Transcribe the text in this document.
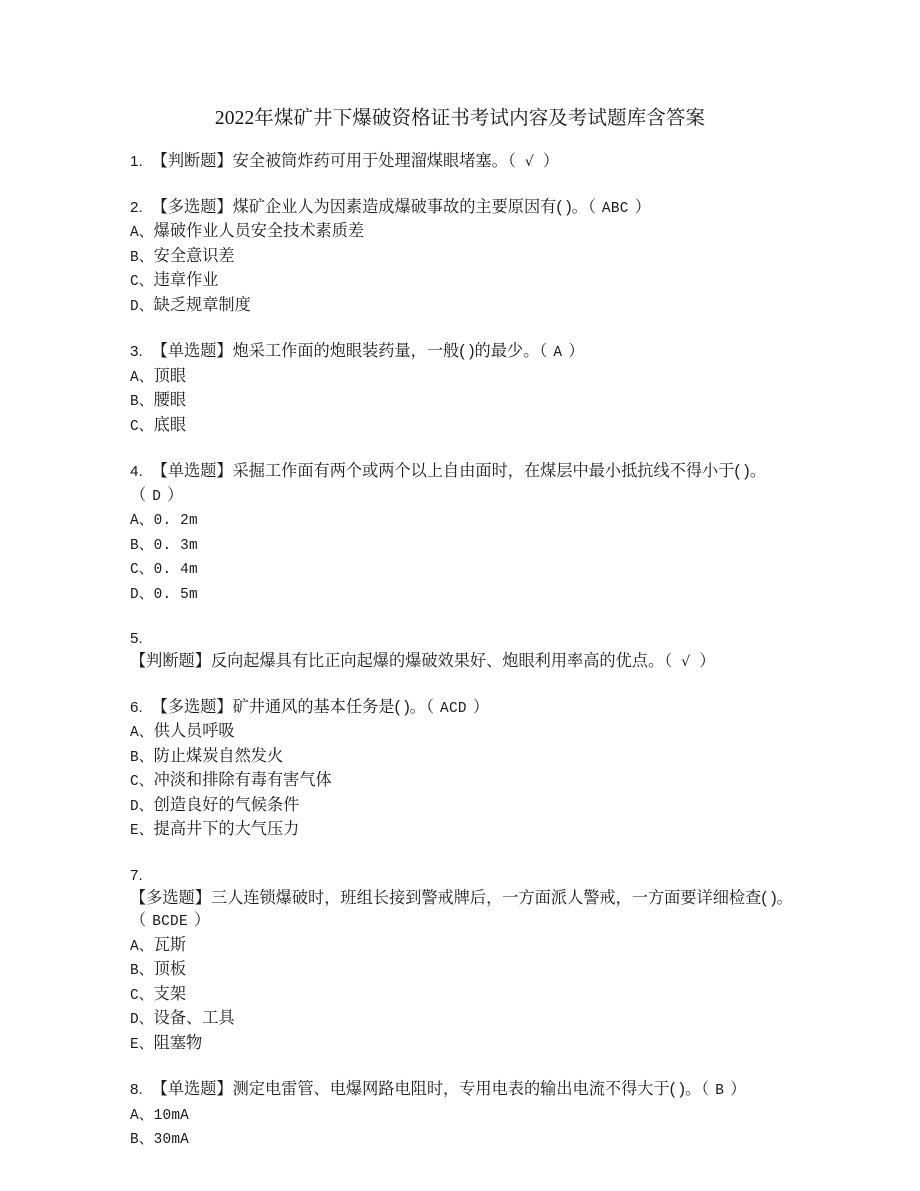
2022年煤矿井下爆破资格证书考试内容及考试题库含答案
1. 【判断题】安全被筒炸药可用于处理溜煤眼堵塞。（ √ ）
2. 【多选题】煤矿企业人为因素造成爆破事故的主要原因有( )。（ ABC ）
A、爆破作业人员安全技术素质差
B、安全意识差
C、违章作业
D、缺乏规章制度
3. 【单选题】炮采工作面的炮眼装药量，一般( )的最少。（ A ）
A、顶眼
B、腰眼
C、底眼
4. 【单选题】采掘工作面有两个或两个以上自由面时，在煤层中最小抵抗线不得小于( )。（ D ）
A、0. 2m
B、0. 3m
C、0. 4m
D、0. 5m
5.
【判断题】反向起爆具有比正向起爆的爆破效果好、炮眼利用率高的优点。（ √ ）
6. 【多选题】矿井通风的基本任务是( )。（ ACD ）
A、供人员呼吸
B、防止煤炭自然发火
C、冲淡和排除有毒有害气体
D、创造良好的气候条件
E、提高井下的大气压力
7.
【多选题】三人连锁爆破时，班组长接到警戒牌后，一方面派人警戒，一方面要详细检查( )。（ BCDE ）
A、瓦斯
B、顶板
C、支架
D、设备、工具
E、阻塞物
8. 【单选题】测定电雷管、电爆网路电阻时，专用电表的输出电流不得大于( )。（ B ）
A、10mA
B、30mA
